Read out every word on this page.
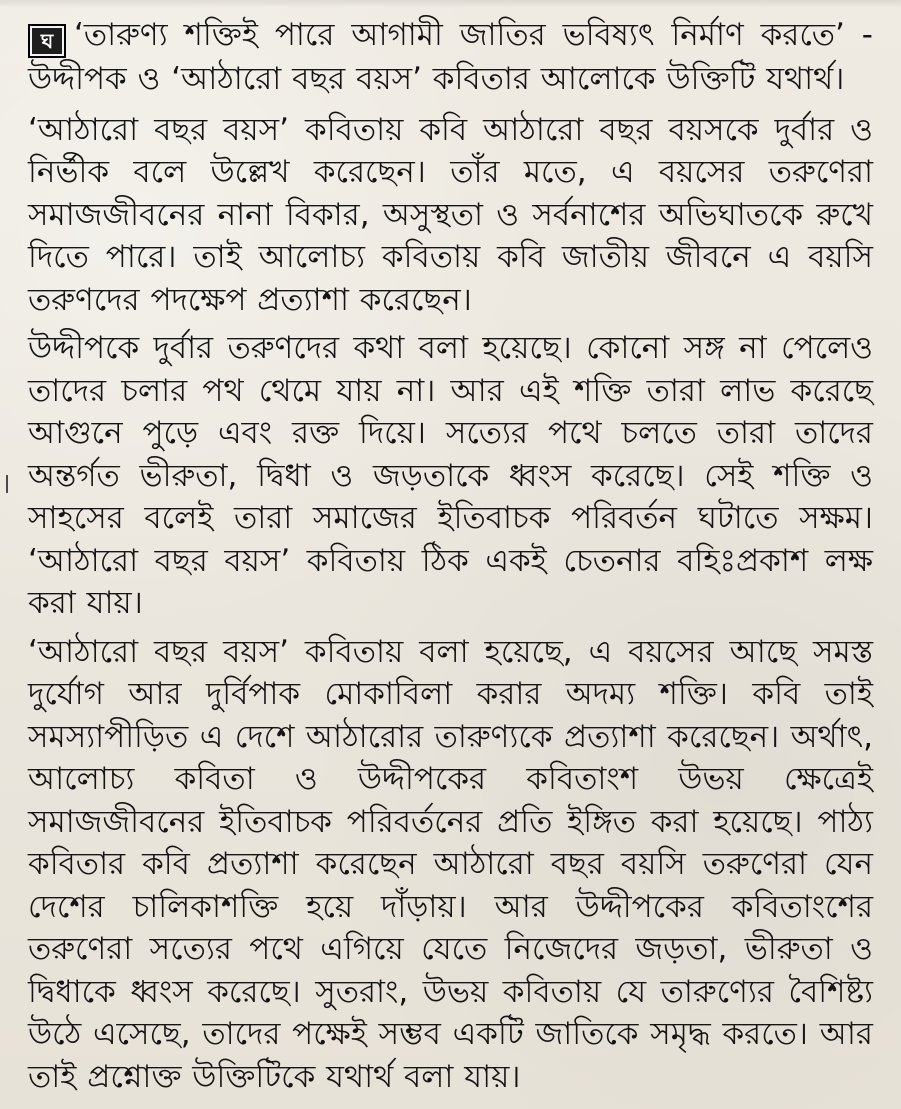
ঘ ‘তারুণ্য শক্তিই পারে আগামী জাতির ভবিষ্যৎ নির্মাণ করতে’ - উদ্দীপক ও ‘আঠারো বছর বয়স’ কবিতার আলোকে উক্তিটি যথার্থ।

‘আঠারো বছর বয়স’ কবিতায় কবি আঠারো বছর বয়সকে দুর্বার ও নির্ভীক বলে উল্লেখ করেছেন। তাঁর মতে, এ বয়সের তরুণেরা সমাজজীবনের নানা বিকার, অসুস্থতা ও সর্বনাশের অভিঘাতকে রুখে দিতে পারে। তাই আলোচ্য কবিতায় কবি জাতীয় জীবনে এ বয়সি তরুণদের পদক্ষেপ প্রত্যাশা করেছেন।

উদ্দীপকে দুর্বার তরুণদের কথা বলা হয়েছে। কোনো সঙ্গ না পেলেও তাদের চলার পথ থেমে যায় না। আর এই শক্তি তারা লাভ করেছে আগুনে পুড়ে এবং রক্ত দিয়ে। সত্যের পথে চলতে তারা তাদের অন্তর্গত ভীরুতা, দ্বিধা ও জড়তাকে ধ্বংস করেছে। সেই শক্তি ও সাহসের বলেই তারা সমাজের ইতিবাচক পরিবর্তন ঘটাতে সক্ষম। ‘আঠারো বছর বয়স’ কবিতায় ঠিক একই চেতনার বহিঃপ্রকাশ লক্ষ করা যায়।

‘আঠারো বছর বয়স’ কবিতায় বলা হয়েছে, এ বয়সের আছে সমস্ত দুর্যোগ আর দুর্বিপাক মোকাবিলা করার অদম্য শক্তি। কবি তাই সমস্যাপীড়িত এ দেশে আঠারোর তারুণ্যকে প্রত্যাশা করেছেন। অর্থাৎ, আলোচ্য কবিতা ও উদ্দীপকের কবিতাংশ উভয় ক্ষেত্রেই সমাজজীবনের ইতিবাচক পরিবর্তনের প্রতি ইঙ্গিত করা হয়েছে। পাঠ্য কবিতার কবি প্রত্যাশা করেছেন আঠারো বছর বয়সি তরুণেরা যেন দেশের চালিকাশক্তি হয়ে দাঁড়ায়। আর উদ্দীপকের কবিতাংশের তরুণেরা সত্যের পথে এগিয়ে যেতে নিজেদের জড়তা, ভীরুতা ও দ্বিধাকে ধ্বংস করেছে। সুতরাং, উভয় কবিতায় যে তারুণ্যের বৈশিষ্ট্য উঠে এসেছে, তাদের পক্ষেই সম্ভব একটি জাতিকে সমৃদ্ধ করতে। আর তাই প্রশ্নোক্ত উক্তিটিকে যথার্থ বলা যায়।
